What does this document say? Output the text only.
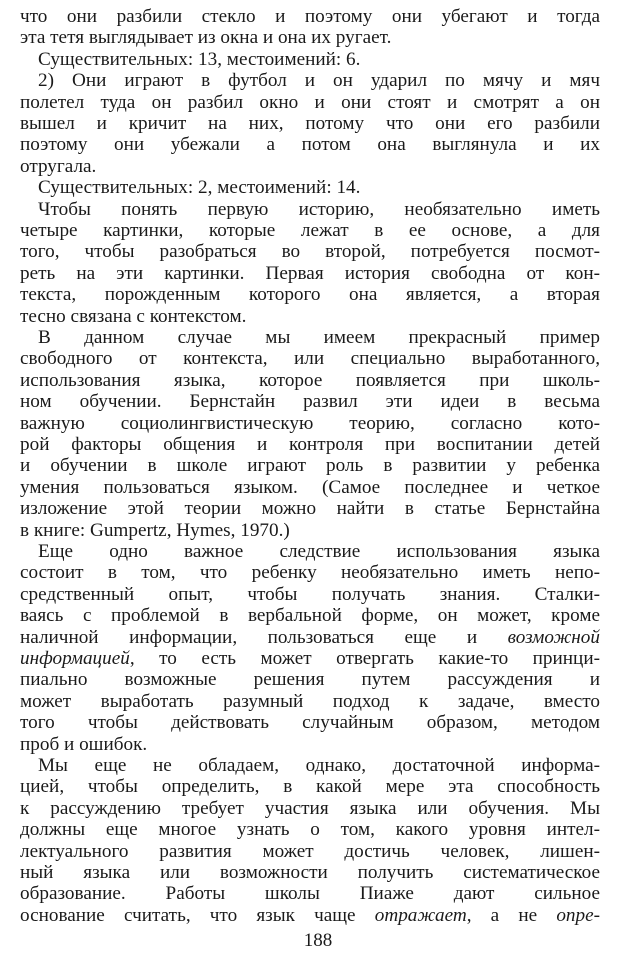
что они разбили стекло и поэтому они убегают и тогда
эта тетя выглядывает из окна и она их ругает.
Существительных: 13, местоимений: 6.
2) Они играют в футбол и он ударил по мячу и мяч
полетел туда он разбил окно и они стоят и смотрят а он
вышел и кричит на них, потому что они его разбили
поэтому они убежали а потом она выглянула и их
отругала.
Существительных: 2, местоимений: 14.
Чтобы понять первую историю, необязательно иметь
четыре картинки, которые лежат в ее основе, а для
того, чтобы разобраться во второй, потребуется посмот-
реть на эти картинки. Первая история свободна от кон-
текста, порожденным которого она является, а вторая
тесно связана с контекстом.
В данном случае мы имеем прекрасный пример
свободного от контекста, или специально выработанного,
использования языка, которое появляется при школь-
ном обучении. Бернстайн развил эти идеи в весьма
важную социолингвистическую теорию, согласно кото-
рой факторы общения и контроля при воспитании детей
и обучении в школе играют роль в развитии у ребенка
умения пользоваться языком. (Самое последнее и четкое
изложение этой теории можно найти в статье Бернстайна
в книге: Gumpertz, Hymes, 1970.)
Еще одно важное следствие использования языка
состоит в том, что ребенку необязательно иметь непо-
средственный опыт, чтобы получать знания. Сталки-
ваясь с проблемой в вербальной форме, он может, кроме
наличной информации, пользоваться еще и возможной
информацией, то есть может отвергать какие-то принци-
пиально возможные решения путем рассуждения и
может выработать разумный подход к задаче, вместо
того чтобы действовать случайным образом, методом
проб и ошибок.
Мы еще не обладаем, однако, достаточной информа-
цией, чтобы определить, в какой мере эта способность
к рассуждению требует участия языка или обучения. Мы
должны еще многое узнать о том, какого уровня интел-
лектуального развития может достичь человек, лишен-
ный языка или возможности получить систематическое
образование. Работы школы Пиаже дают сильное
основание считать, что язык чаще отражает, а не опре-
188
